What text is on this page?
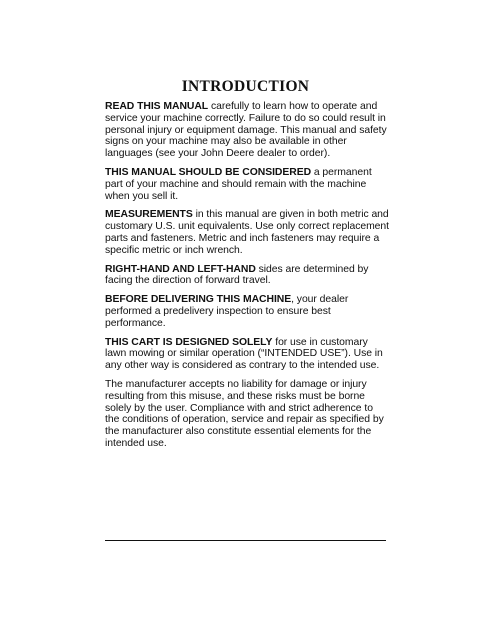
INTRODUCTION

READ THIS MANUAL carefully to learn how to operate and service your machine correctly. Failure to do so could result in personal injury or equipment damage. This manual and safety signs on your machine may also be available in other languages (see your John Deere dealer to order).

THIS MANUAL SHOULD BE CONSIDERED a permanent part of your machine and should remain with the machine when you sell it.

MEASUREMENTS in this manual are given in both metric and customary U.S. unit equivalents. Use only correct replacement parts and fasteners. Metric and inch fasteners may require a specific metric or inch wrench.

RIGHT-HAND AND LEFT-HAND sides are determined by facing the direction of forward travel.

BEFORE DELIVERING THIS MACHINE, your dealer performed a predelivery inspection to ensure best performance.

THIS CART IS DESIGNED SOLELY for use in customary lawn mowing or similar operation (“INTENDED USE”). Use in any other way is considered as contrary to the intended use.

The manufacturer accepts no liability for damage or injury resulting from this misuse, and these risks must be borne solely by the user. Compliance with and strict adherence to the conditions of operation, service and repair as specified by the manufacturer also constitute essential elements for the intended use.
